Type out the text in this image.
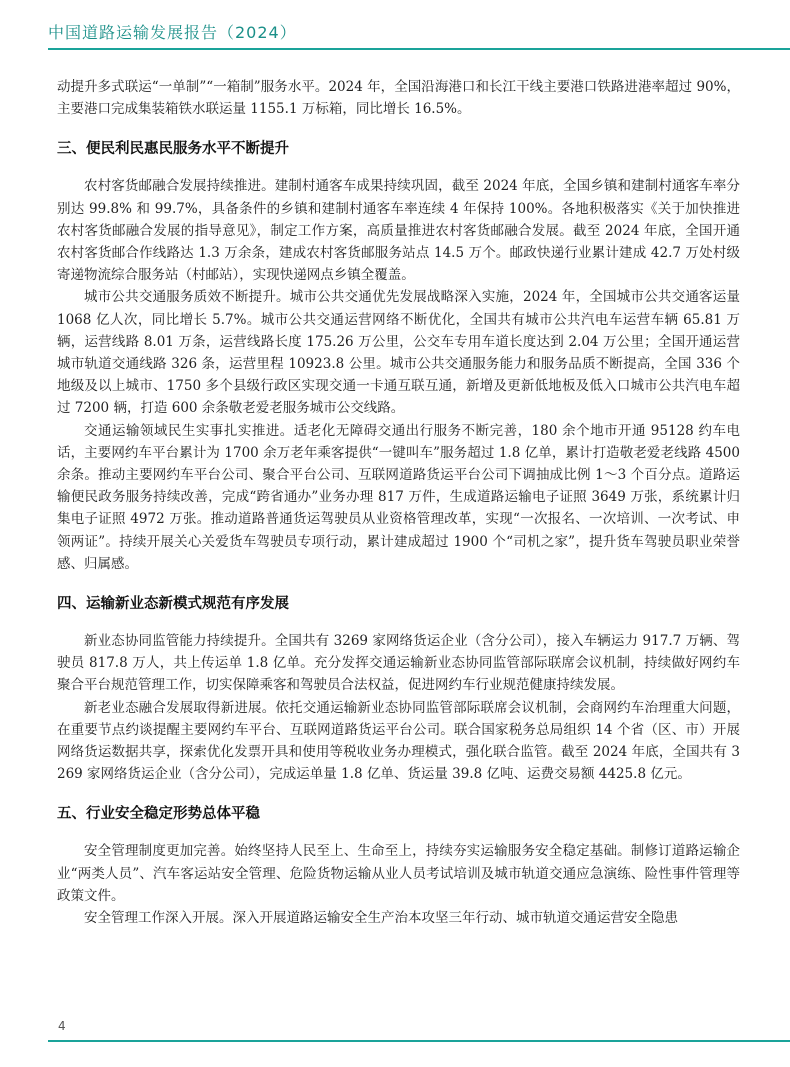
中国道路运输发展报告（2024）

动提升多式联运“一单制”“一箱制”服务水平。2024 年，全国沿海港口和长江干线主要港口铁路进港率超过 90%，主要港口完成集装箱铁水联运量 1155.1 万标箱，同比增长 16.5%。

三、便民利民惠民服务水平不断提升

农村客货邮融合发展持续推进。建制村通客车成果持续巩固，截至 2024 年底，全国乡镇和建制村通客车率分别达 99.8% 和 99.7%，具备条件的乡镇和建制村通客车率连续 4 年保持 100%。各地积极落实《关于加快推进农村客货邮融合发展的指导意见》，制定工作方案，高质量推进农村客货邮融合发展。截至 2024 年底，全国开通农村客货邮合作线路达 1.3 万余条，建成农村客货邮服务站点 14.5 万个。邮政快递行业累计建成 42.7 万处村级寄递物流综合服务站（村邮站），实现快递网点乡镇全覆盖。

城市公共交通服务质效不断提升。城市公共交通优先发展战略深入实施，2024 年，全国城市公共交通客运量 1068 亿人次，同比增长 5.7%。城市公共交通运营网络不断优化，全国共有城市公共汽电车运营车辆 65.81 万辆，运营线路 8.01 万条，运营线路长度 175.26 万公里，公交车专用车道长度达到 2.04 万公里；全国开通运营城市轨道交通线路 326 条，运营里程 10923.8 公里。城市公共交通服务能力和服务品质不断提高，全国 336 个地级及以上城市、1750 多个县级行政区实现交通一卡通互联互通，新增及更新低地板及低入口城市公共汽电车超过 7200 辆，打造 600 余条敬老爱老服务城市公交线路。

交通运输领域民生实事扎实推进。适老化无障碍交通出行服务不断完善，180 余个地市开通 95128 约车电话，主要网约车平台累计为 1700 余万老年乘客提供“一键叫车”服务超过 1.8 亿单，累计打造敬老爱老线路 4500 余条。推动主要网约车平台公司、聚合平台公司、互联网道路货运平台公司下调抽成比例 1～3 个百分点。道路运输便民政务服务持续改善，完成“跨省通办”业务办理 817 万件，生成道路运输电子证照 3649 万张，系统累计归集电子证照 4972 万张。推动道路普通货运驾驶员从业资格管理改革，实现“一次报名、一次培训、一次考试、申领两证”。持续开展关心关爱货车驾驶员专项行动，累计建成超过 1900 个“司机之家”，提升货车驾驶员职业荣誉感、归属感。

四、运输新业态新模式规范有序发展

新业态协同监管能力持续提升。全国共有 3269 家网络货运企业（含分公司），接入车辆运力 917.7 万辆、驾驶员 817.8 万人，共上传运单 1.8 亿单。充分发挥交通运输新业态协同监管部际联席会议机制，持续做好网约车聚合平台规范管理工作，切实保障乘客和驾驶员合法权益，促进网约车行业规范健康持续发展。

新老业态融合发展取得新进展。依托交通运输新业态协同监管部际联席会议机制，会商网约车治理重大问题，在重要节点约谈提醒主要网约车平台、互联网道路货运平台公司。联合国家税务总局组织 14 个省（区、市）开展网络货运数据共享，探索优化发票开具和使用等税收业务办理模式，强化联合监管。截至 2024 年底，全国共有 3269 家网络货运企业（含分公司），完成运单量 1.8 亿单、货运量 39.8 亿吨、运费交易额 4425.8 亿元。

五、行业安全稳定形势总体平稳

安全管理制度更加完善。始终坚持人民至上、生命至上，持续夯实运输服务安全稳定基础。制修订道路运输企业“两类人员”、汽车客运站安全管理、危险货物运输从业人员考试培训及城市轨道交通应急演练、险性事件管理等政策文件。

安全管理工作深入开展。深入开展道路运输安全生产治本攻坚三年行动、城市轨道交通运营安全隐患

4
